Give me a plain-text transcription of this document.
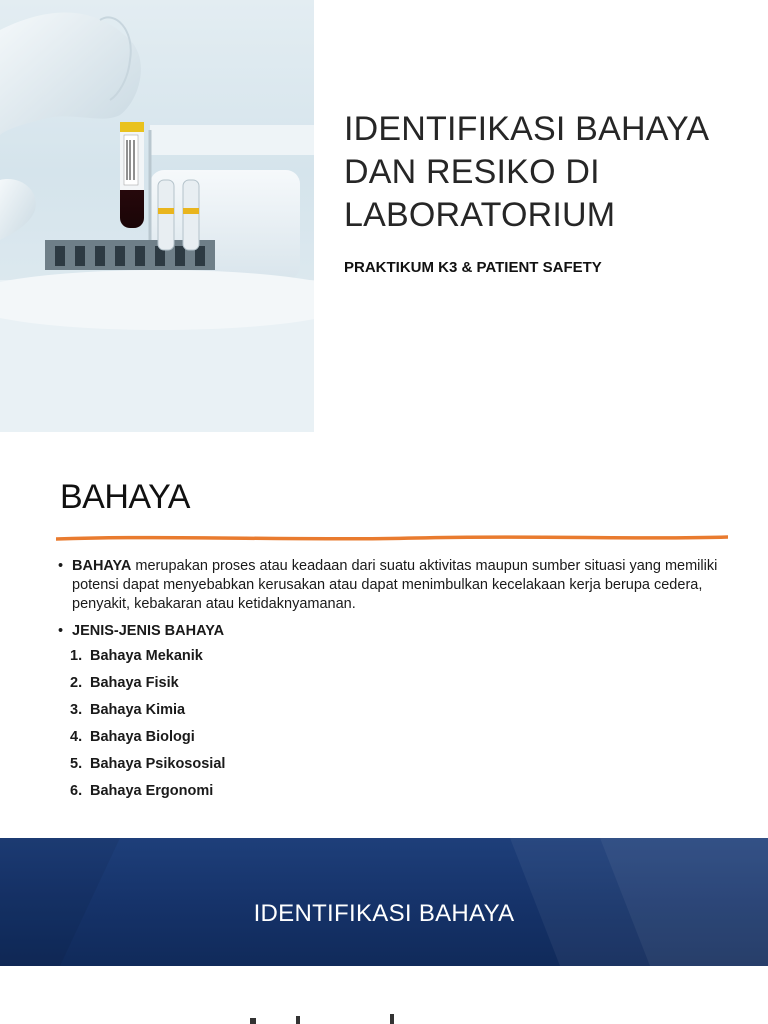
IDENTIFIKASI BAHAYA
DAN RESIKO DI
LABORATORIUM
PRAKTIKUM K3 & PATIENT SAFETY
BAHAYA
• BAHAYA merupakan proses atau keadaan dari suatu aktivitas maupun sumber situasi yang memiliki potensi dapat menyebabkan kerusakan atau dapat menimbulkan kecelakaan kerja berupa cedera, penyakit, kebakaran atau ketidaknyamanan.
• JENIS-JENIS BAHAYA
1. Bahaya Mekanik
2. Bahaya Fisik
3. Bahaya Kimia
4. Bahaya Biologi
5. Bahaya Psikososial
6. Bahaya Ergonomi
IDENTIFIKASI BAHAYA
